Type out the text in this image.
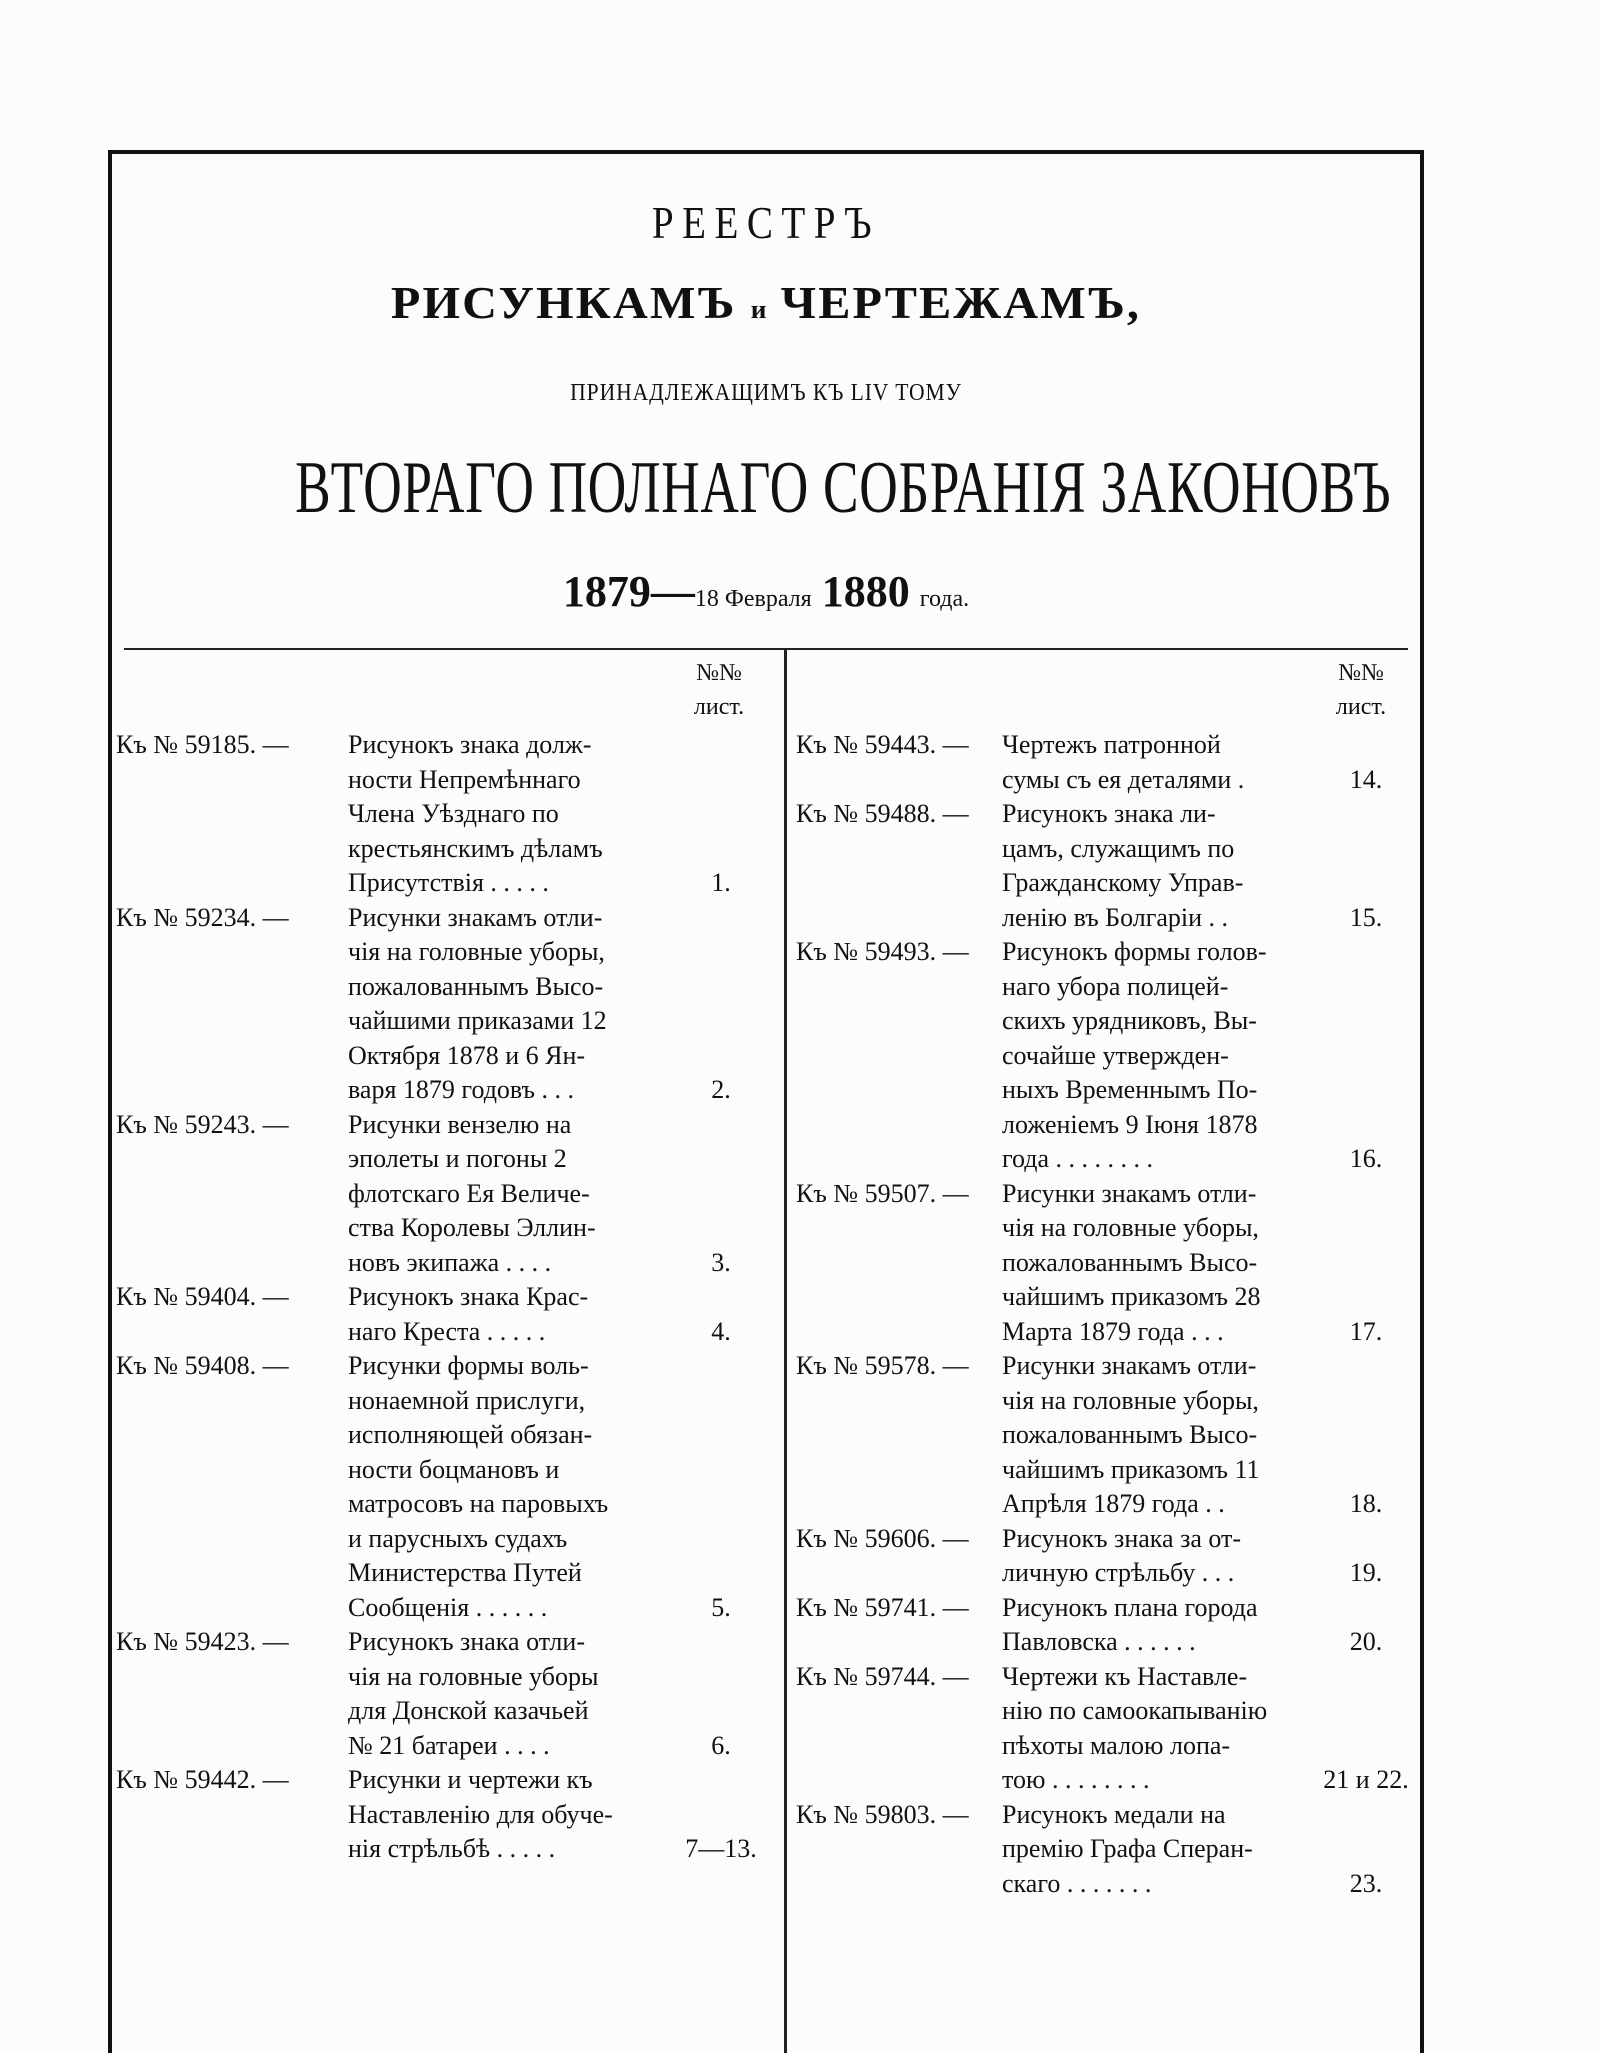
РЕЕСТРЪ
РИСУНКАМЪ и ЧЕРТЕЖАМЪ,
ПРИНАДЛЕЖАЩИМЪ КЪ LIV ТОМУ
ВТОРАГО ПОЛНАГО СОБРАНІЯ ЗАКОНОВЪ
1879—18 Февраля 1880 года.
№№
лист.
Къ № 59185. — Рисунокъ знака долж-
ности Непремѣннаго
Члена Уѣзднаго по
крестьянскимъ дѣламъ
Присутствія . . . . .	1.
Къ № 59234. — Рисунки знакамъ отли-
чія на головные уборы,
пожалованнымъ Высо-
чайшими приказами 12
Октября 1878 и 6 Ян-
варя 1879 годовъ . . .	2.
Къ № 59243. — Рисунки вензелю на
эполеты и погоны 2
флотскаго Ея Величе-
ства Королевы Эллин-
новъ экипажа . . . .	3.
Къ № 59404. — Рисунокъ знака Крас-
наго Креста . . . . .	4.
Къ № 59408. — Рисунки формы воль-
нонаемной прислуги,
исполняющей обязан-
ности боцмановъ и
матросовъ на паровыхъ
и парусныхъ судахъ
Министерства Путей
Сообщенія . . . . . .	5.
Къ № 59423. — Рисунокъ знака отли-
чія на головные уборы
для Донской казачьей
№ 21 батареи . . . .	6.
Къ № 59442. — Рисунки и чертежи къ
Наставленію для обуче-
нія стрѣльбѣ . . . . .	7—13.
№№
лист.
Къ № 59443. — Чертежъ патронной
сумы съ ея деталями .	14.
Къ № 59488. — Рисунокъ знака ли-
цамъ, служащимъ по
Гражданскому Управ-
ленію въ Болгаріи . .	15.
Къ № 59493. — Рисунокъ формы голов-
наго убора полицей-
скихъ урядниковъ, Вы-
сочайше утвержден-
ныхъ Временнымъ По-
ложеніемъ 9 Іюня 1878
года . . . . . . . .	16.
Къ № 59507. — Рисунки знакамъ отли-
чія на головные уборы,
пожалованнымъ Высо-
чайшимъ приказомъ 28
Марта 1879 года . . .	17.
Къ № 59578. — Рисунки знакамъ отли-
чія на головные уборы,
пожалованнымъ Высо-
чайшимъ приказомъ 11
Апрѣля 1879 года . .	18.
Къ № 59606. — Рисунокъ знака за от-
личную стрѣльбу . . .	19.
Къ № 59741. — Рисунокъ плана города
Павловска . . . . . .	20.
Къ № 59744. — Чертежи къ Наставле-
нію по самоокапыванію
пѣхоты малою лопа-
тою . . . . . . . .	21 и 22.
Къ № 59803. — Рисунокъ медали на
премію Графа Сперан-
скаго . . . . . . .	23.
